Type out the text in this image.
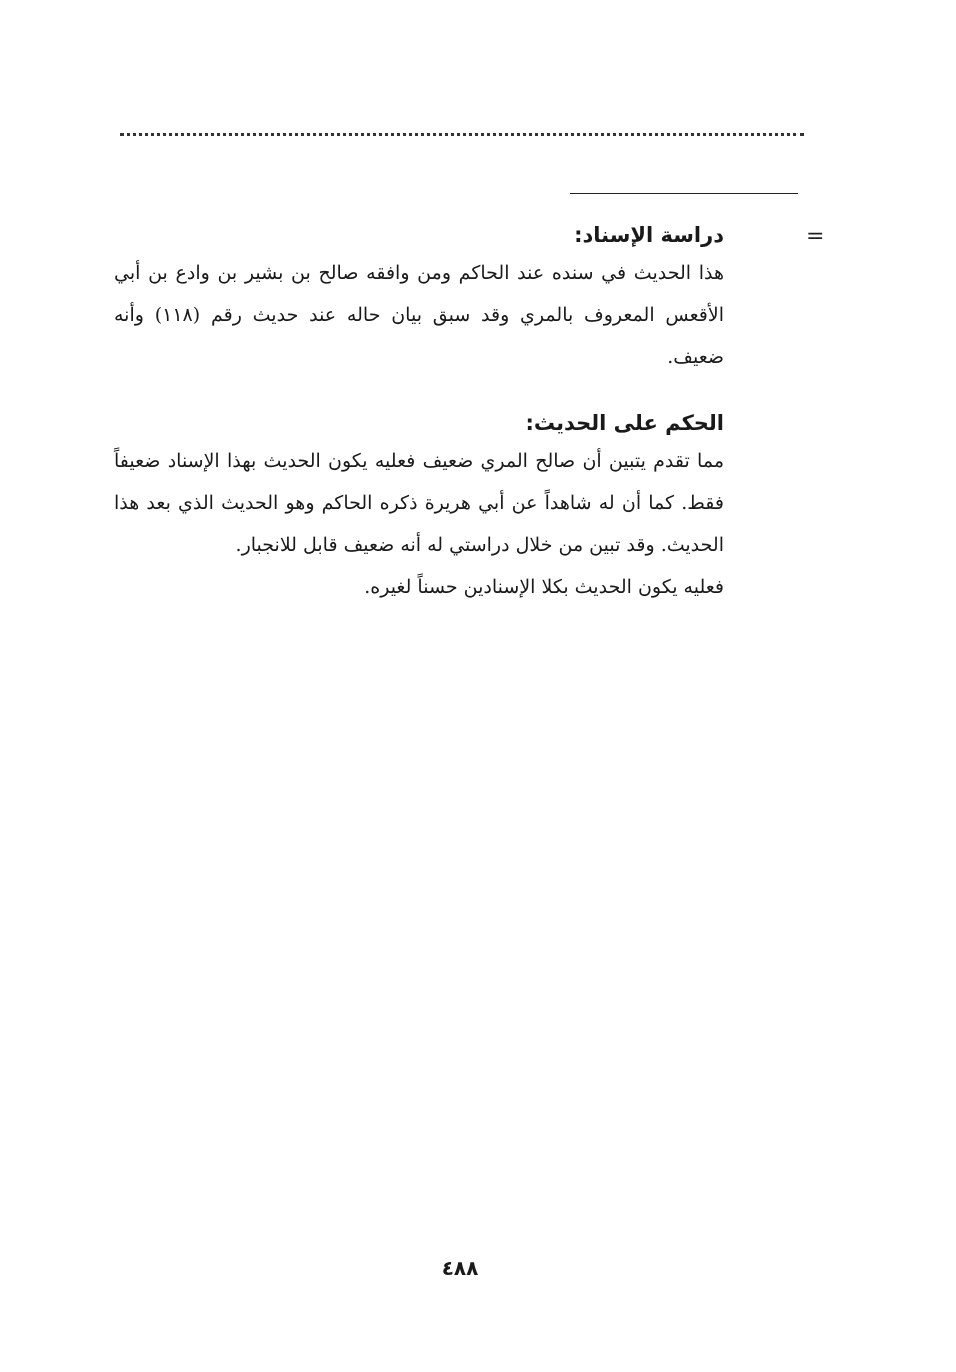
=
دراسة الإسناد:

هذا الحديث في سنده عند الحاكم ومن وافقه صالح بن بشير بن وادع بن أبي الأقعس المعروف بالمري وقد سبق بيان حاله عند حديث رقم (١١٨) وأنه ضعيف.

الحكم على الحديث:

مما تقدم يتبين أن صالح المري ضعيف فعليه يكون الحديث بهذا الإسناد ضعيفاً فقط. كما أن له شاهداً عن أبي هريرة ذكره الحاكم وهو الحديث الذي بعد هذا الحديث. وقد تبين من خلال دراستي له أنه ضعيف قابل للانجبار.

فعليه يكون الحديث بكلا الإسنادين حسناً لغيره.

٤٨٨
